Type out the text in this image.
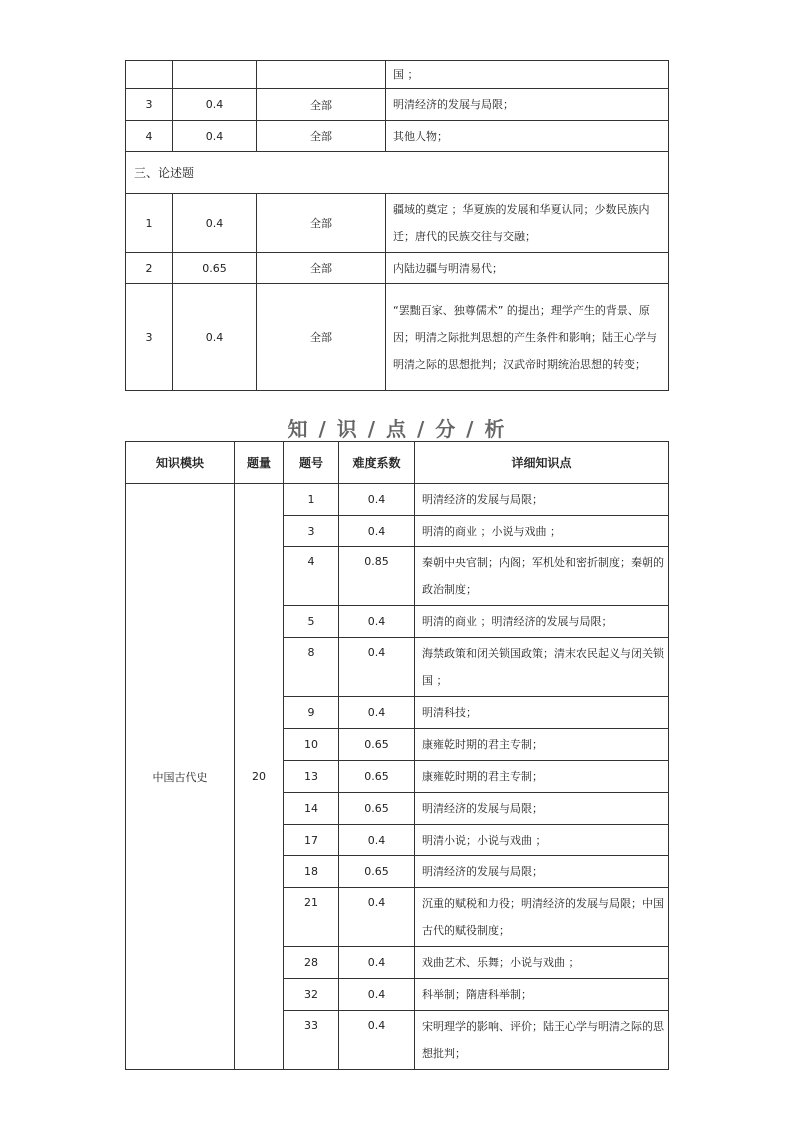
			国 ；
3	0.4	全部	明清经济的发展与局限；
4	0.4	全部	其他人物；
三、论述题			
1	0.4	全部	疆域的奠定 ；华夏族的发展和华夏认同；少数民族内迁；唐代的民族交往与交融；
2	0.65	全部	内陆边疆与明清易代；
3	0.4	全部	“罢黜百家、独尊儒术” 的提出；理学产生的背景、原因；明清之际批判思想的产生条件和影响；陆王心学与明清之际的思想批判；汉武帝时期统治思想的转变；
知 / 识 / 点 / 分 / 析
知识模块	题量	题号	难度系数	详细知识点
中国古代史	20	1	0.4	明清经济的发展与局限；
		3	0.4	明清的商业 ；小说与戏曲 ；
		4	0.85	秦朝中央官制；内阁；军机处和密折制度；秦朝的政治制度；
		5	0.4	明清的商业 ；明清经济的发展与局限；
		8	0.4	海禁政策和闭关锁国政策；清末农民起义与闭关锁国 ；
		9	0.4	明清科技；
		10	0.65	康雍乾时期的君主专制；
		13	0.65	康雍乾时期的君主专制；
		14	0.65	明清经济的发展与局限；
		17	0.4	明清小说；小说与戏曲 ；
		18	0.65	明清经济的发展与局限；
		21	0.4	沉重的赋税和力役；明清经济的发展与局限；中国古代的赋役制度；
		28	0.4	戏曲艺术、乐舞；小说与戏曲 ；
		32	0.4	科举制；隋唐科举制；
		33	0.4	宋明理学的影响、评价；陆王心学与明清之际的思想批判；
